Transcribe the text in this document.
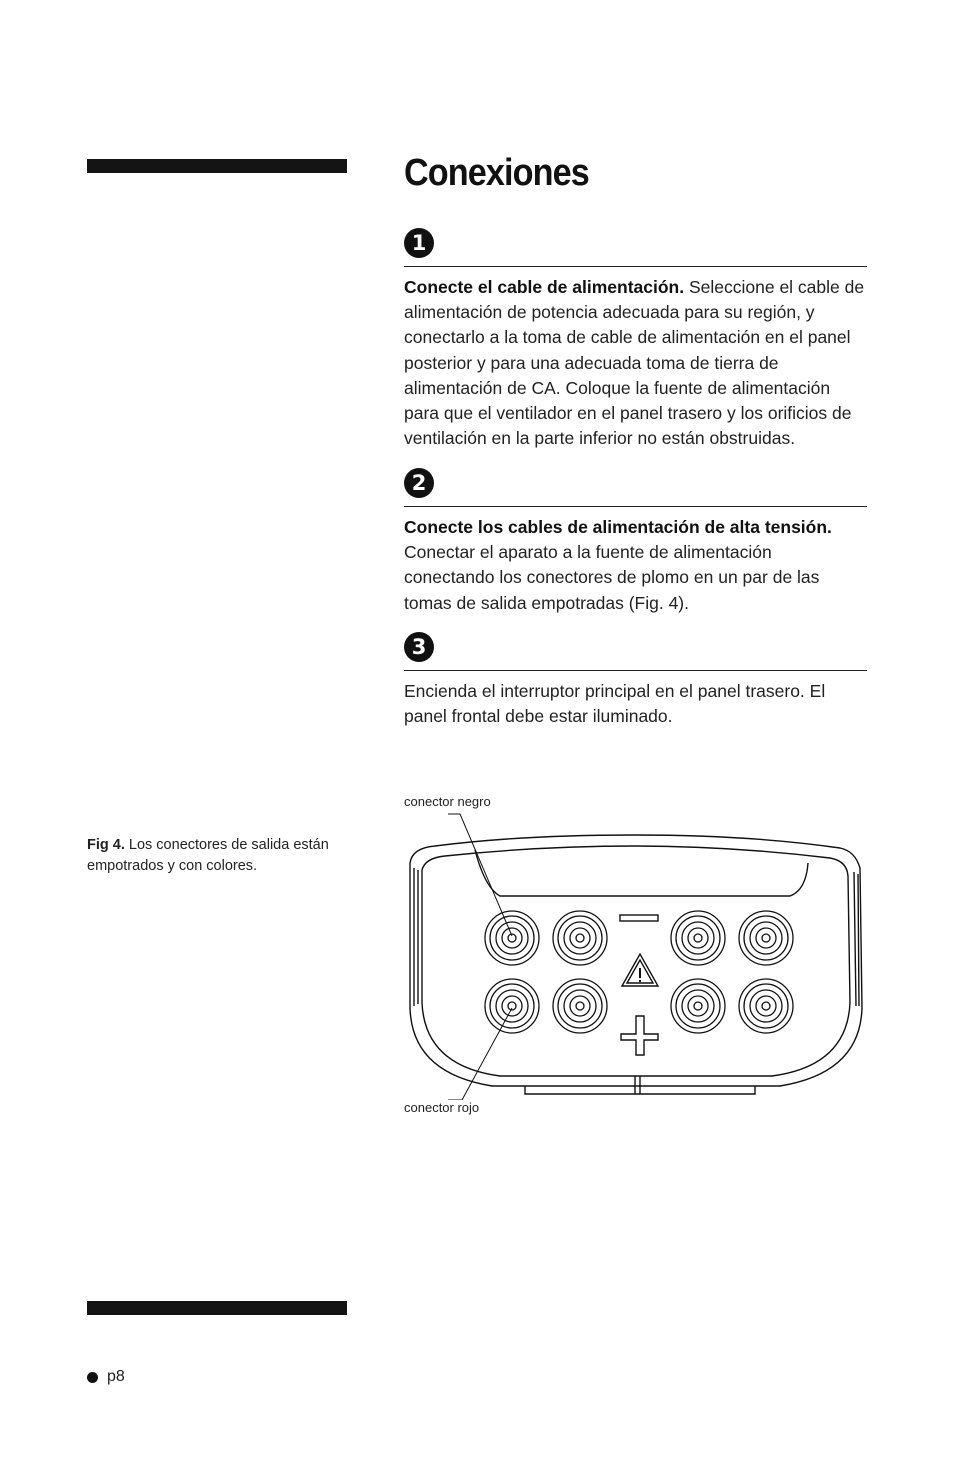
Conexiones
1

Conecte el cable de alimentación. Seleccione el cable de alimentación de potencia adecuada para su región, y conectarlo a la toma de cable de alimentación en el panel posterior y para una adecuada toma de tierra de alimentación de CA. Coloque la fuente de alimentación para que el ventilador en el panel trasero y los orificios de ventilación en la parte inferior no están obstruidas.

2

Conecte los cables de alimentación de alta tensión.
Conectar el aparato a la fuente de alimentación conectando los conectores de plomo en un par de las tomas de salida empotradas (Fig. 4).

3

Encienda el interruptor principal en el panel trasero. El panel frontal debe estar iluminado.

Fig 4. Los conectores de salida están empotrados y con colores.
conector negro
conector rojo
p8
